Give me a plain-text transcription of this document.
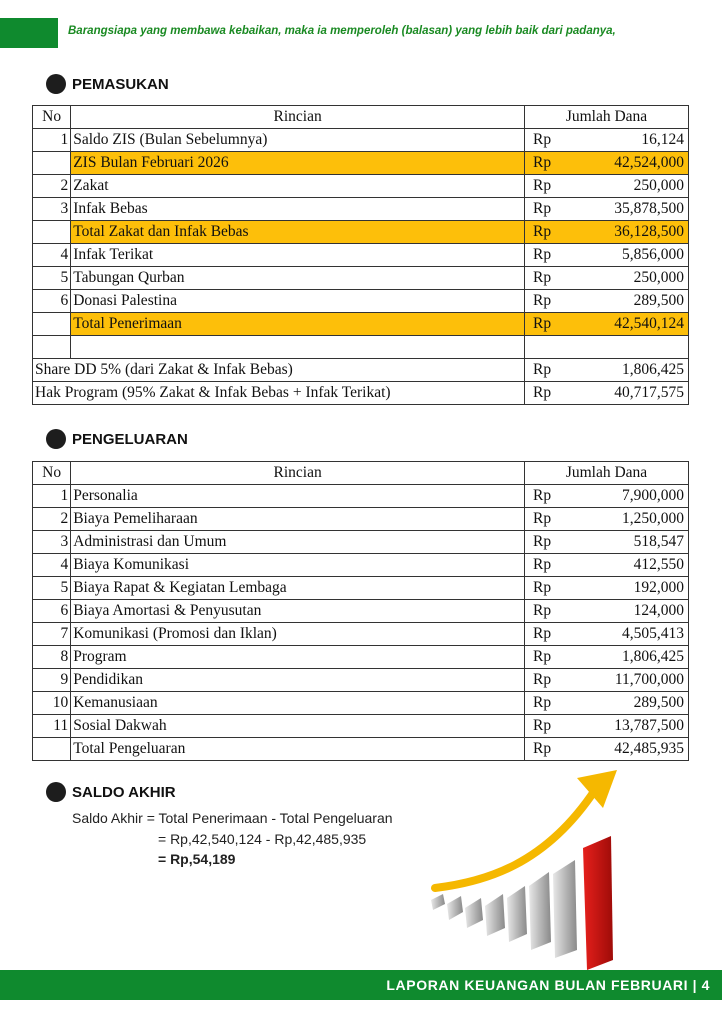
Barangsiapa yang membawa kebaikan, maka ia memperoleh (balasan) yang lebih baik dari padanya,
PEMASUKAN
No	Rincian	Jumlah Dana
1	Saldo ZIS (Bulan Sebelumnya)	Rp 16,124

	ZIS Bulan Februari 2026	Rp 42,524,000

2	Zakat	Rp 250,000

3	Infak Bebas	Rp 35,878,500

	Total Zakat dan Infak Bebas	Rp 36,128,500

4	Infak Terikat	Rp 5,856,000

5	Tabungan Qurban	Rp 250,000

6	Donasi Palestina	Rp 289,500

	Total Penerimaan	Rp 42,540,124

Share DD 5% (dari Zakat & Infak Bebas)		Rp 1,806,425

Hak Program (95% Zakat & Infak Bebas + Infak Terikat)		Rp 40,717,575
PENGELUARAN
No	Rincian	Jumlah Dana
1	Personalia	Rp 7,900,000

2	Biaya Pemeliharaan	Rp 1,250,000

3	Administrasi dan Umum	Rp 518,547

4	Biaya Komunikasi	Rp 412,550

5	Biaya Rapat & Kegiatan Lembaga	Rp 192,000

6	Biaya Amortasi & Penyusutan	Rp 124,000

7	Komunikasi (Promosi dan Iklan)	Rp 4,505,413

8	Program	Rp 1,806,425

9	Pendidikan	Rp 11,700,000

10	Kemanusiaan	Rp 289,500

11	Sosial Dakwah	Rp 13,787,500

	Total Pengeluaran	Rp 42,485,935
SALDO AKHIR
Saldo Akhir = Total Penerimaan - Total Pengeluaran
= Rp,42,540,124 - Rp,42,485,935
= Rp,54,189
LAPORAN KEUANGAN BULAN FEBRUARI | 4
